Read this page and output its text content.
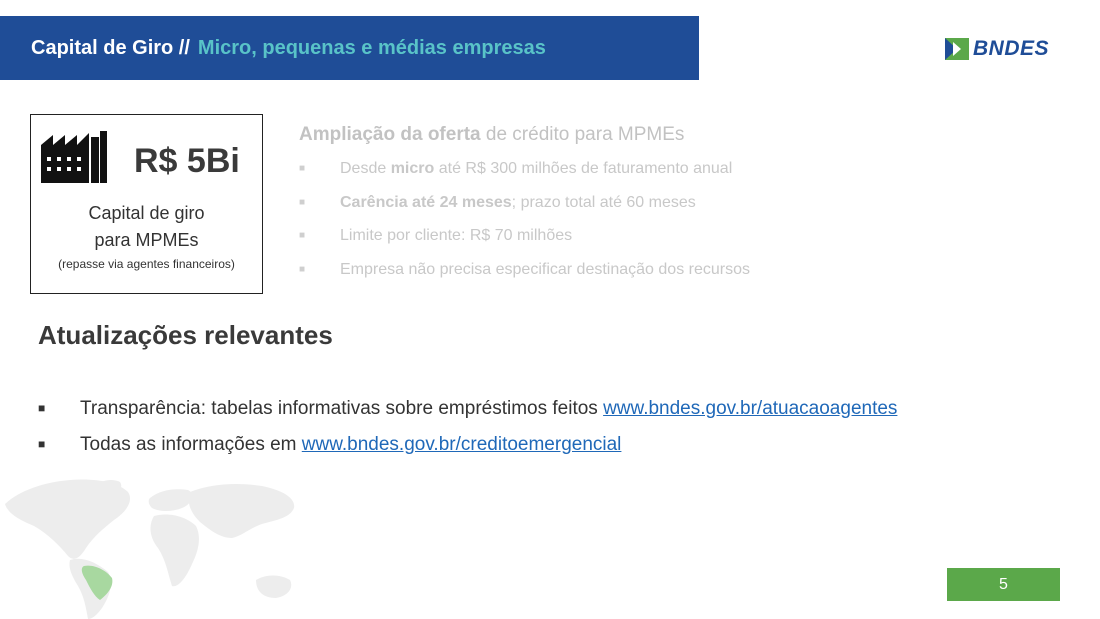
Capital de Giro // Micro, pequenas e médias empresas	BNDES
R$ 5Bi
Capital de giro
para MPMEs
(repasse via agentes financeiros)
Ampliação da oferta de crédito para MPMEs
■ Desde micro até R$ 300 milhões de faturamento anual
■ Carência até 24 meses; prazo total até 60 meses
■ Limite por cliente: R$ 70 milhões
■ Empresa não precisa especificar destinação dos recursos
Atualizações relevantes
■ Transparência: tabelas informativas sobre empréstimos feitos www.bndes.gov.br/atuacaoagentes
■ Todas as informações em www.bndes.gov.br/creditoemergencial
5
